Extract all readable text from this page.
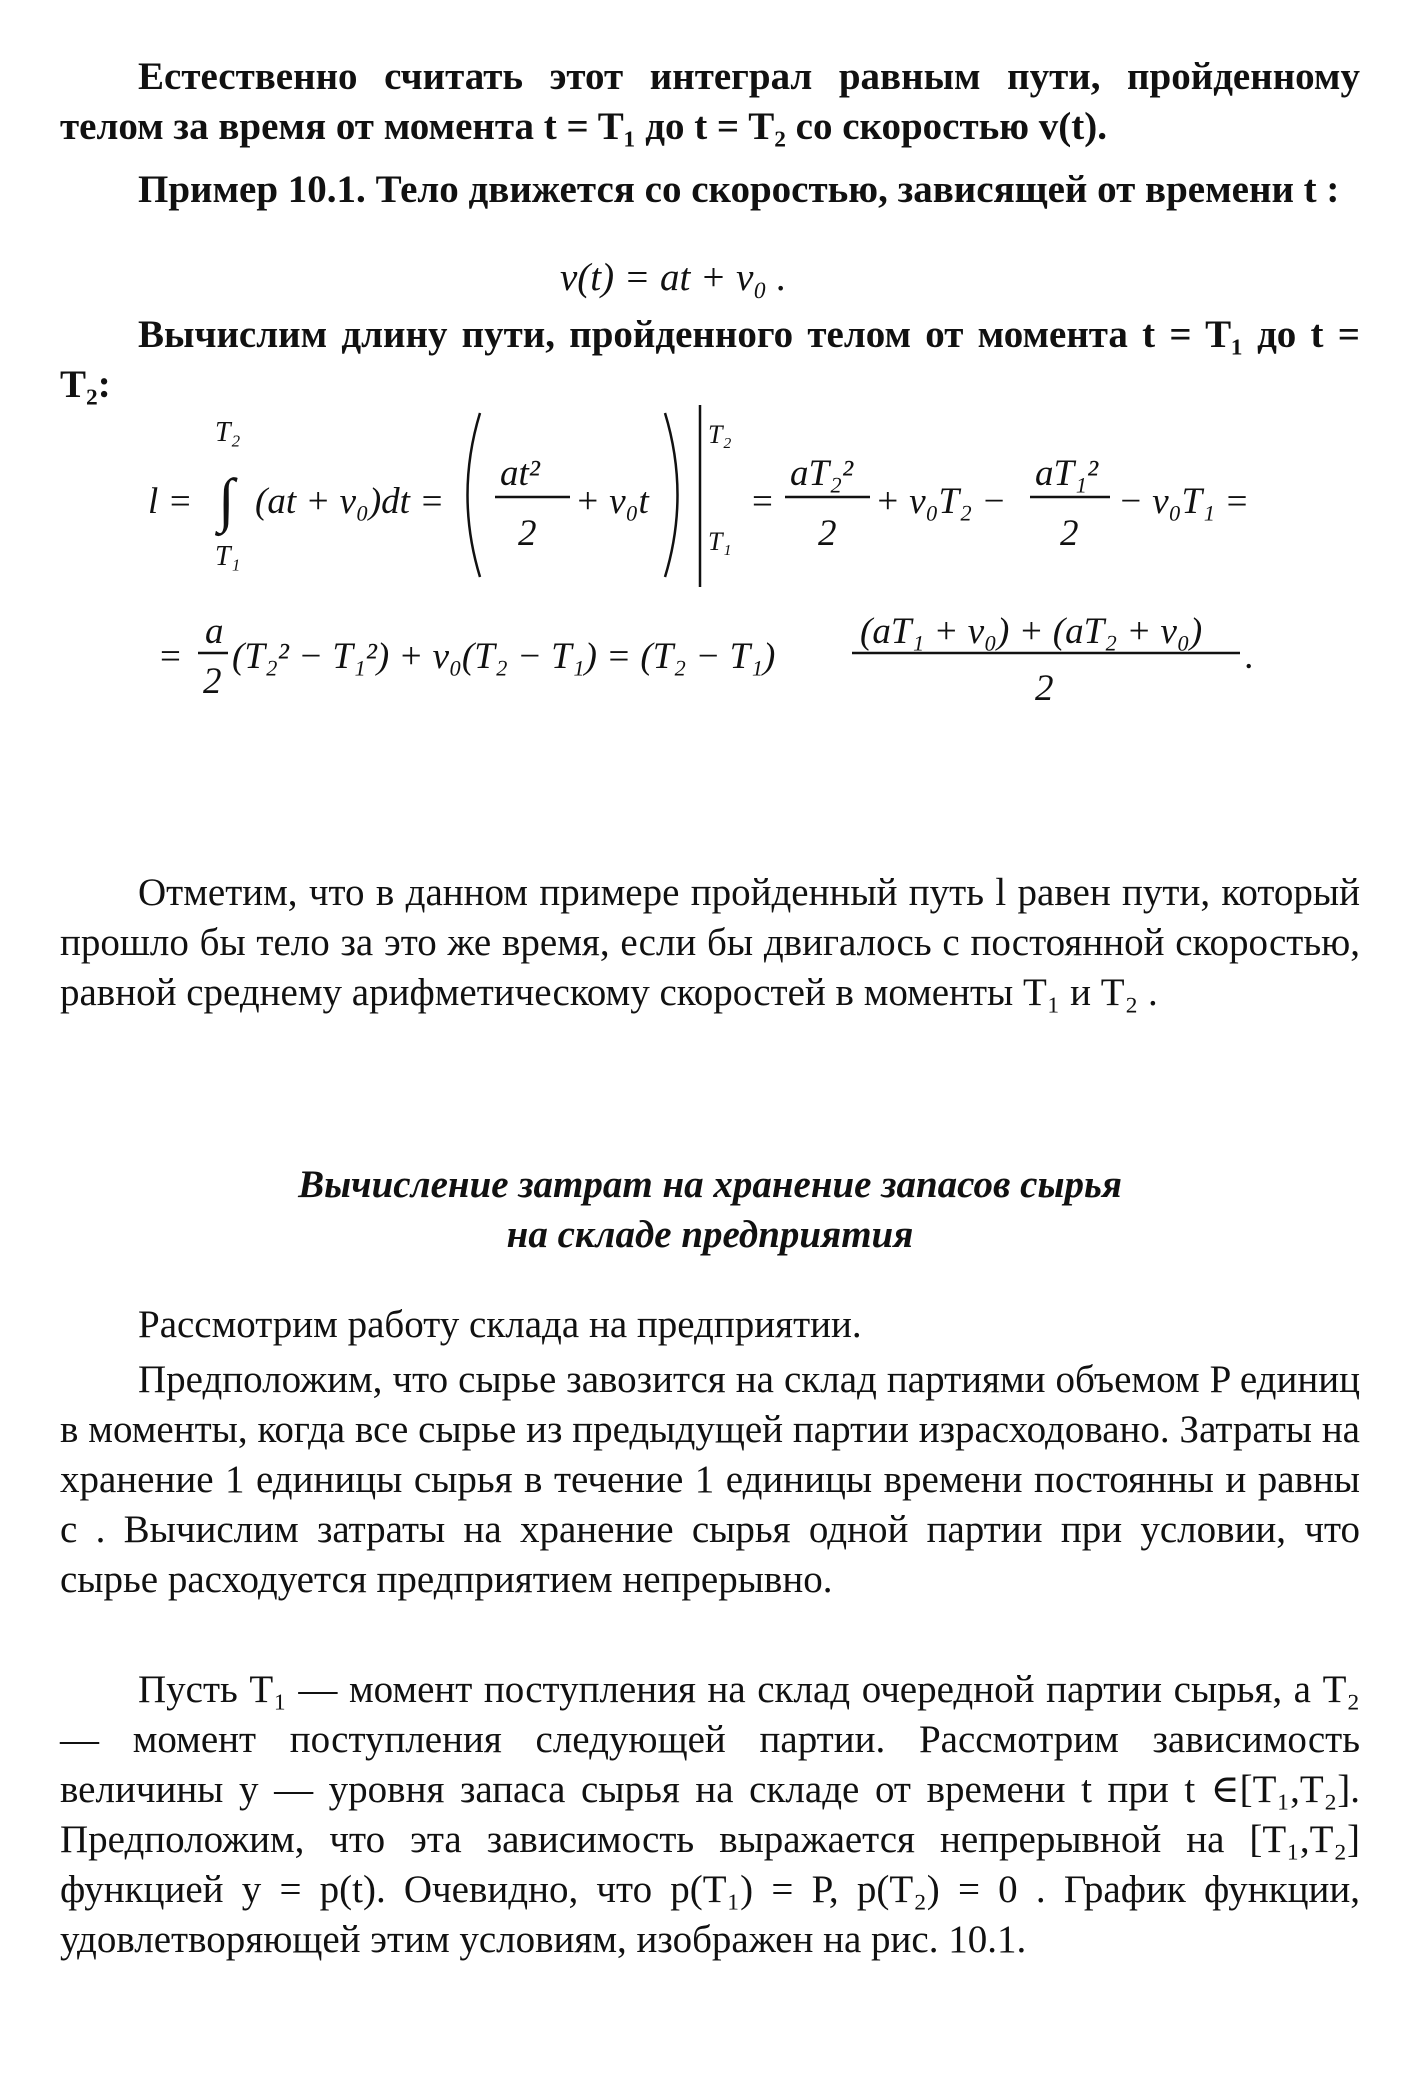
Естественно считать этот интеграл равным пути, пройденному телом за время от момента t = T₁ до t = T₂ со скоростью v(t).

Пример 10.1. Тело движется со скоростью, зависящей от времени t :

v(t) = at + v₀ .

Вычислим длину пути, пройденного телом от момента t = T₁ до t = T₂:

l =
T₂
T₁
∫ (at + v₀)dt =
at²
2
+ v₀t
T₂
T₁
=
aT₂²
2
+ v₀T₂ −
aT₁²
2
− v₀T₁ =
=
a
2
(T₂² − T₁²) + v₀(T₂ − T₁) = (T₂ − T₁)
(aT₁ + v₀) + (aT₂ + v₀)
2
.

Отметим, что в данном примере пройденный путь l равен пути, который прошло бы тело за это же время, если бы двигалось с постоянной скоростью, равной среднему арифметическому скоростей в моменты T₁ и T₂ .

Вычисление затрат на хранение запасов сырья
на складе предприятия

Рассмотрим работу склада на предприятии.

Предположим, что сырье завозится на склад партиями объемом P единиц в моменты, когда все сырье из предыдущей партии израсходовано. Затраты на хранение 1 единицы сырья в течение 1 единицы времени постоянны и равны c . Вычислим затраты на хранение сырья одной партии при условии, что сырье расходуется предприятием непрерывно.

Пусть T₁ — момент поступления на склад очередной партии сырья, а T₂ — момент поступления следующей партии. Рассмотрим зависимость величины y — уровня запаса сырья на складе от времени t при t ∈[T₁,T₂]. Предположим, что эта зависимость выражается непрерывной на [T₁,T₂] функцией y = p(t). Очевидно, что p(T₁) = P, p(T₂) = 0 . График функции, удовлетворяющей этим условиям, изображен на рис. 10.1.
